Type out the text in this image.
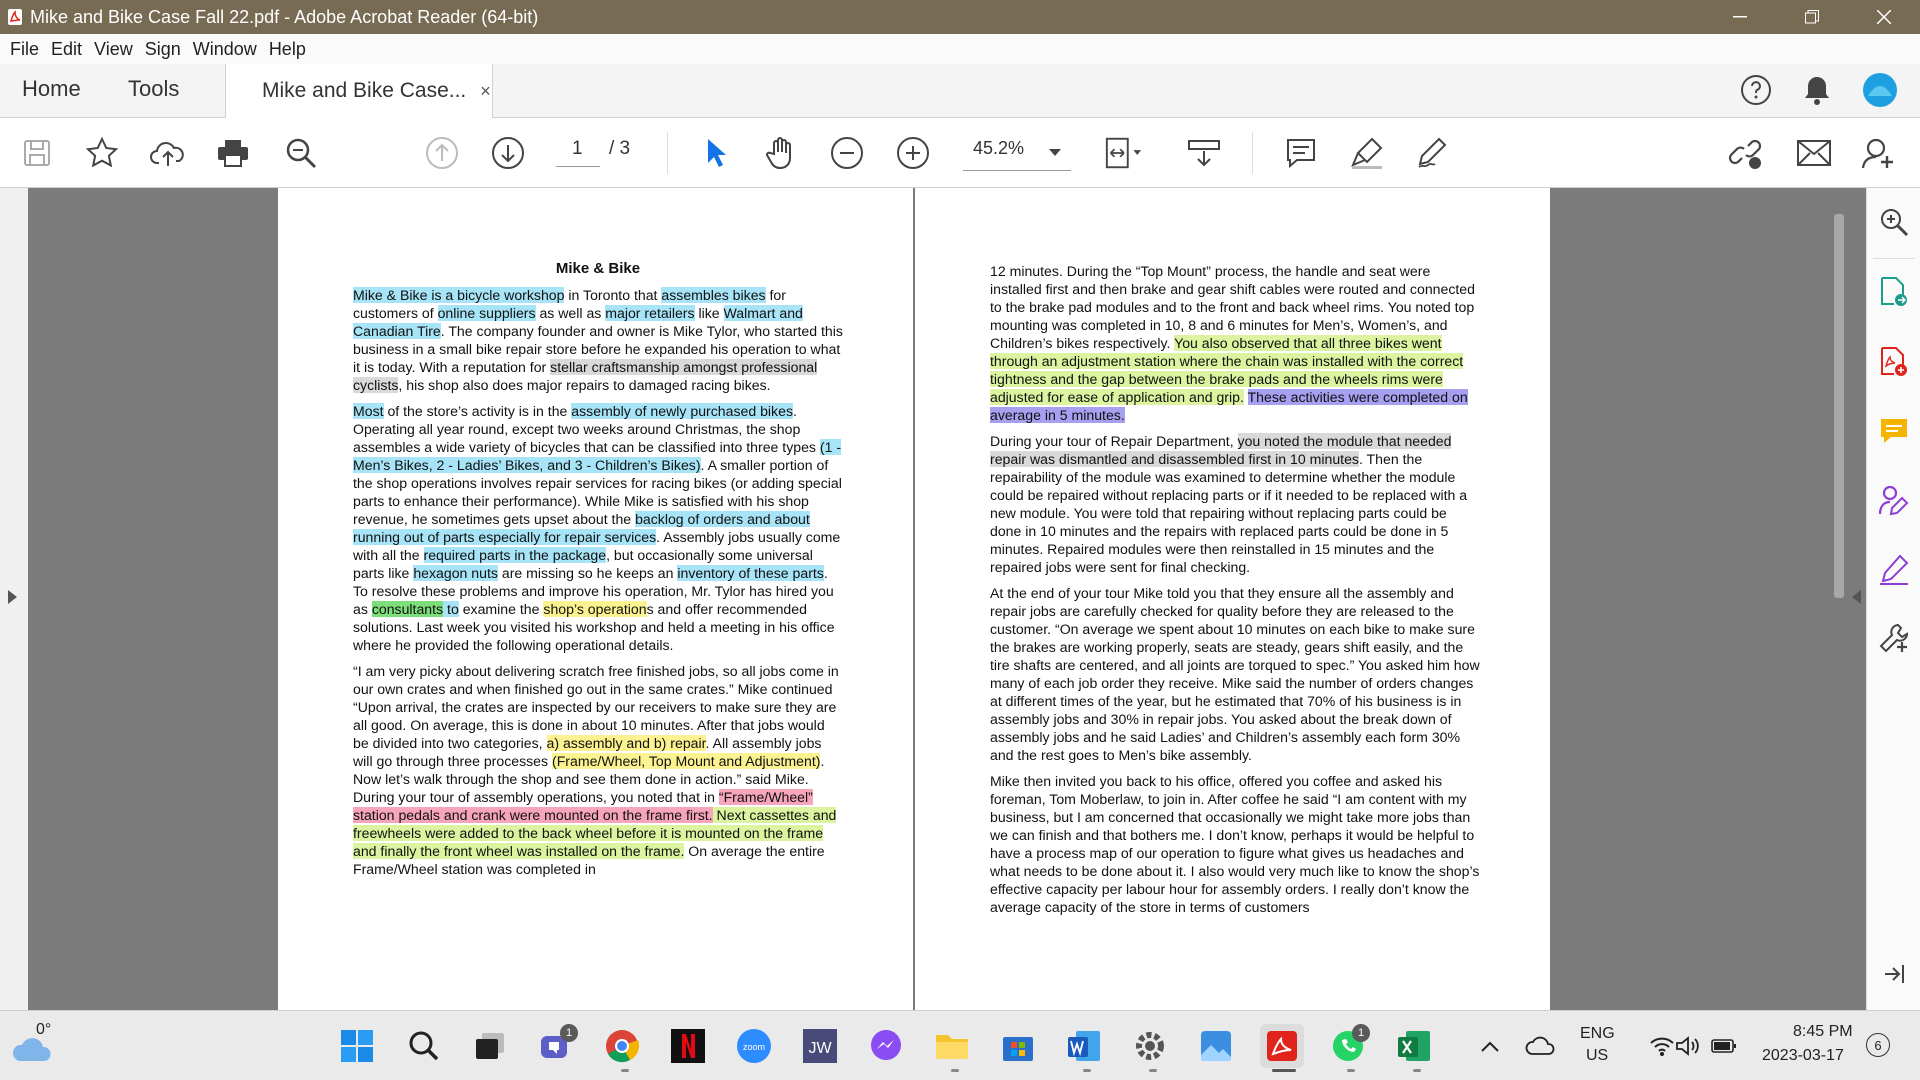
Mike and Bike Case Fall 22.pdf - Adobe Acrobat Reader (64-bit)
File Edit View Sign Window Help
Home Tools	Mike and Bike Case... ×
1 / 3	45.2%
Mike & Bike

Mike & Bike is a bicycle workshop in Toronto that assembles bikes for customers of online suppliers as well as major retailers like Walmart and Canadian Tire. The company founder and owner is Mike Tylor, who started this business in a small bike repair store before he expanded his operation to what it is today. With a reputation for stellar craftsmanship amongst professional cyclists, his shop also does major repairs to damaged racing bikes.

Most of the store’s activity is in the assembly of newly purchased bikes. Operating all year round, except two weeks around Christmas, the shop assembles a wide variety of bicycles that can be classified into three types (1 - Men’s Bikes, 2 - Ladies’ Bikes, and 3 - Children’s Bikes). A smaller portion of the shop operations involves repair services for racing bikes (or adding special parts to enhance their performance). While Mike is satisfied with his shop revenue, he sometimes gets upset about the backlog of orders and about running out of parts especially for repair services. Assembly jobs usually come with all the required parts in the package, but occasionally some universal parts like hexagon nuts are missing so he keeps an inventory of these parts. To resolve these problems and improve his operation, Mr. Tylor has hired you as consultants to examine the shop’s operations and offer recommended solutions. Last week you visited his workshop and held a meeting in his office where he provided the following operational details.

“I am very picky about delivering scratch free finished jobs, so all jobs come in our own crates and when finished go out in the same crates.” Mike continued “Upon arrival, the crates are inspected by our receivers to make sure they are all good. On average, this is done in about 10 minutes. After that jobs would be divided into two categories, a) assembly and b) repair. All assembly jobs will go through three processes (Frame/Wheel, Top Mount and Adjustment). Now let’s walk through the shop and see them done in action.” said Mike. During your tour of assembly operations, you noted that in “Frame/Wheel” station pedals and crank were mounted on the frame first. Next cassettes and freewheels were added to the back wheel before it is mounted on the frame and finally the front wheel was installed on the frame. On average the entire Frame/Wheel station was completed in

12 minutes. During the “Top Mount” process, the handle and seat were installed first and then brake and gear shift cables were routed and connected to the brake pad modules and to the front and back wheel rims. You noted top mounting was completed in 10, 8 and 6 minutes for Men’s, Women’s, and Children’s bikes respectively. You also observed that all three bikes went through an adjustment station where the chain was installed with the correct tightness and the gap between the brake pads and the wheels rims were adjusted for ease of application and grip. These activities were completed on average in 5 minutes.

During your tour of Repair Department, you noted the module that needed repair was dismantled and disassembled first in 10 minutes. Then the repairability of the module was examined to determine whether the module could be repaired without replacing parts or if it needed to be replaced with a new module. You were told that repairing without replacing parts could be done in 10 minutes and the repairs with replaced parts could be done in 5 minutes. Repaired modules were then reinstalled in 15 minutes and the repaired jobs were sent for final checking.

At the end of your tour Mike told you that they ensure all the assembly and repair jobs are carefully checked for quality before they are released to the customer. “On average we spent about 10 minutes on each bike to make sure the brakes are working properly, seats are steady, gears shift easily, and the tire shafts are centered, and all joints are torqued to spec.” You asked him how many of each job order they receive. Mike said the number of orders changes at different times of the year, but he estimated that 70% of his business is in assembly jobs and 30% in repair jobs. You asked about the break down of assembly jobs and he said Ladies’ and Children’s assembly each form 30% and the rest goes to Men’s bike assembly.

Mike then invited you back to his office, offered you coffee and asked his foreman, Tom Moberlaw, to join in. After coffee he said “I am content with my business, but I am concerned that occasionally we might take more jobs than we can finish and that bothers me. I don’t know, perhaps it would be helpful to have a process map of our operation to figure what gives us headaches and what needs to be done about it. I also would very much like to know the shop’s effective capacity per labour hour for assembly orders. I really don’t know the average capacity of the store in terms of customers

0°	1
zoom	JW
1	ENG
US
8:45 PM
2023-03-17
6
